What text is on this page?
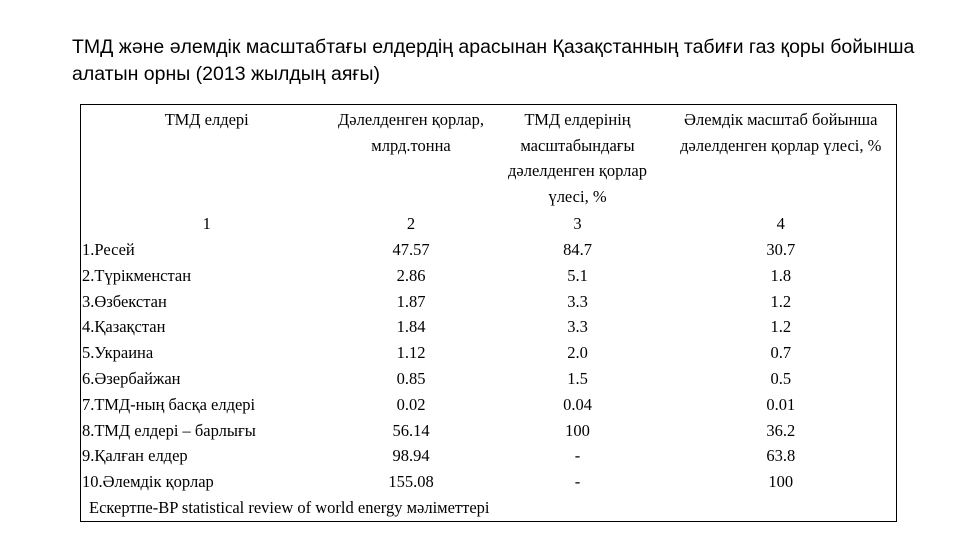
ТМД және әлемдік масштабтағы елдердің арасынан Қазақстанның табиғи газ қоры бойынша алатын орны (2013 жылдың аяғы)
ТМД елдері	Дәлелденген қорлар, млрд.тонна	ТМД елдерінің масштабындағы дәлелденген қорлар үлесі, %	Әлемдік масштаб бойынша дәлелденген қорлар үлесі, %
1	2	3	4
1.Ресей	47.57	84.7	30.7
2.Түрікменстан	2.86	5.1	1.8
3.Өзбекстан	1.87	3.3	1.2
4.Қазақстан	1.84	3.3	1.2
5.Украина	1.12	2.0	0.7
6.Әзербайжан	0.85	1.5	0.5
7.ТМД-ның басқа елдері	0.02	0.04	0.01
8.ТМД елдері – барлығы	56.14	100	36.2
9.Қалған елдер	98.94	-	63.8
10.Әлемдік қорлар	155.08	-	100
Ескертпе-BP statistical review of world energy мәліметтері			
